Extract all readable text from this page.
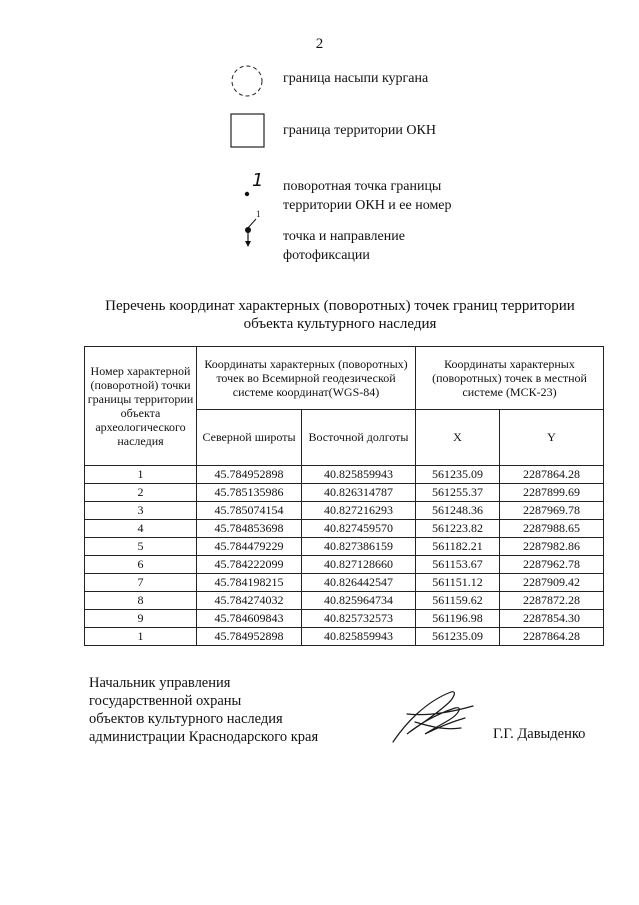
2
граница насыпи кургана
граница территории ОКН
1 поворотная точка границы
территории ОКН и ее номер
1
точка и направление
фотофиксации
Перечень координат характерных (поворотных) точек границ территории
объекта культурного наследия
Номер характерной (поворотной) точки границы территории объекта археологического наследия	Координаты характерных (поворотных) точек во Всемирной геодезической системе координат(WGS-84)		Координаты характерных (поворотных) точек в местной системе (МСК-23)	
	Северной широты	Восточной долготы	X	Y
1	45.784952898	40.825859943	561235.09	2287864.28
2	45.785135986	40.826314787	561255.37	2287899.69
3	45.785074154	40.827216293	561248.36	2287969.78
4	45.784853698	40.827459570	561223.82	2287988.65
5	45.784479229	40.827386159	561182.21	2287982.86
6	45.784222099	40.827128660	561153.67	2287962.78
7	45.784198215	40.826442547	561151.12	2287909.42
8	45.784274032	40.825964734	561159.62	2287872.28
9	45.784609843	40.825732573	561196.98	2287854.30
1	45.784952898	40.825859943	561235.09	2287864.28
Начальник управления
государственной охраны
объектов культурного наследия
администрации Краснодарского края	Г.Г. Давыденко
